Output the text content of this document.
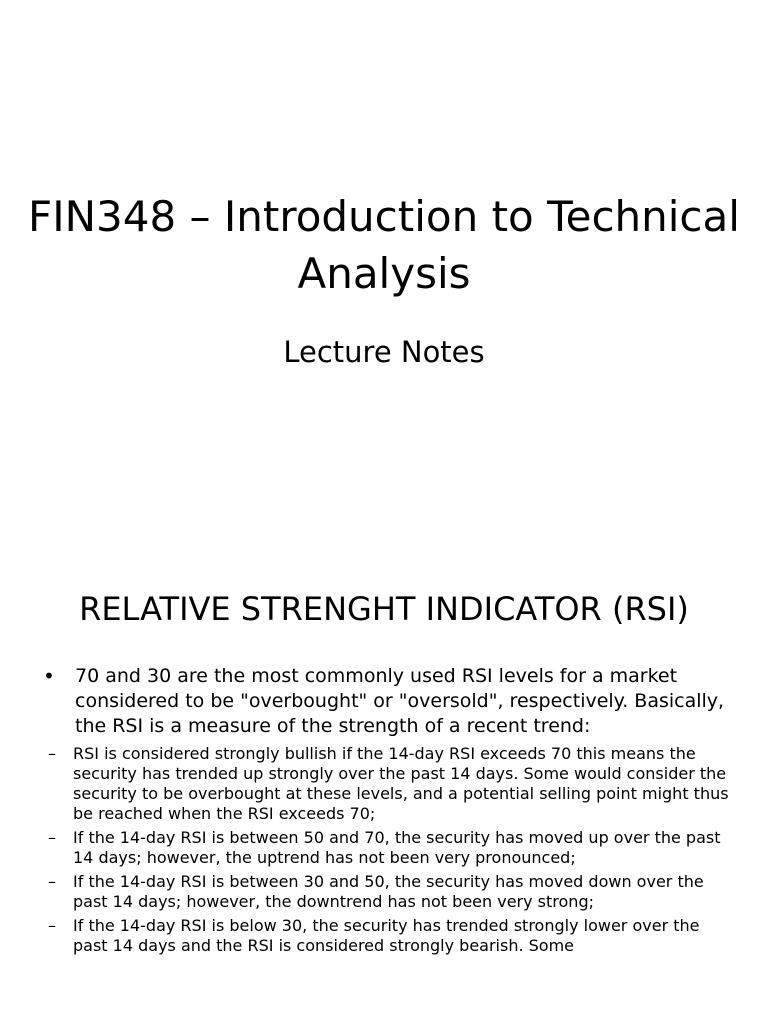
FIN348 – Introduction to Technical Analysis
Lecture Notes
RELATIVE STRENGHT INDICATOR (RSI)
• 70 and 30 are the most commonly used RSI levels for a market considered to be "overbought" or "oversold", respectively. Basically, the RSI is a measure of the strength of a recent trend:
– RSI is considered strongly bullish if the 14-day RSI exceeds 70 this means the security has trended up strongly over the past 14 days. Some would consider the security to be overbought at these levels, and a potential selling point might thus be reached when the RSI exceeds 70;
– If the 14-day RSI is between 50 and 70, the security has moved up over the past 14 days; however, the uptrend has not been very pronounced;
– If the 14-day RSI is between 30 and 50, the security has moved down over the past 14 days; however, the downtrend has not been very strong;
– If the 14-day RSI is below 30, the security has trended strongly lower over the past 14 days and the RSI is considered strongly bearish. Some
